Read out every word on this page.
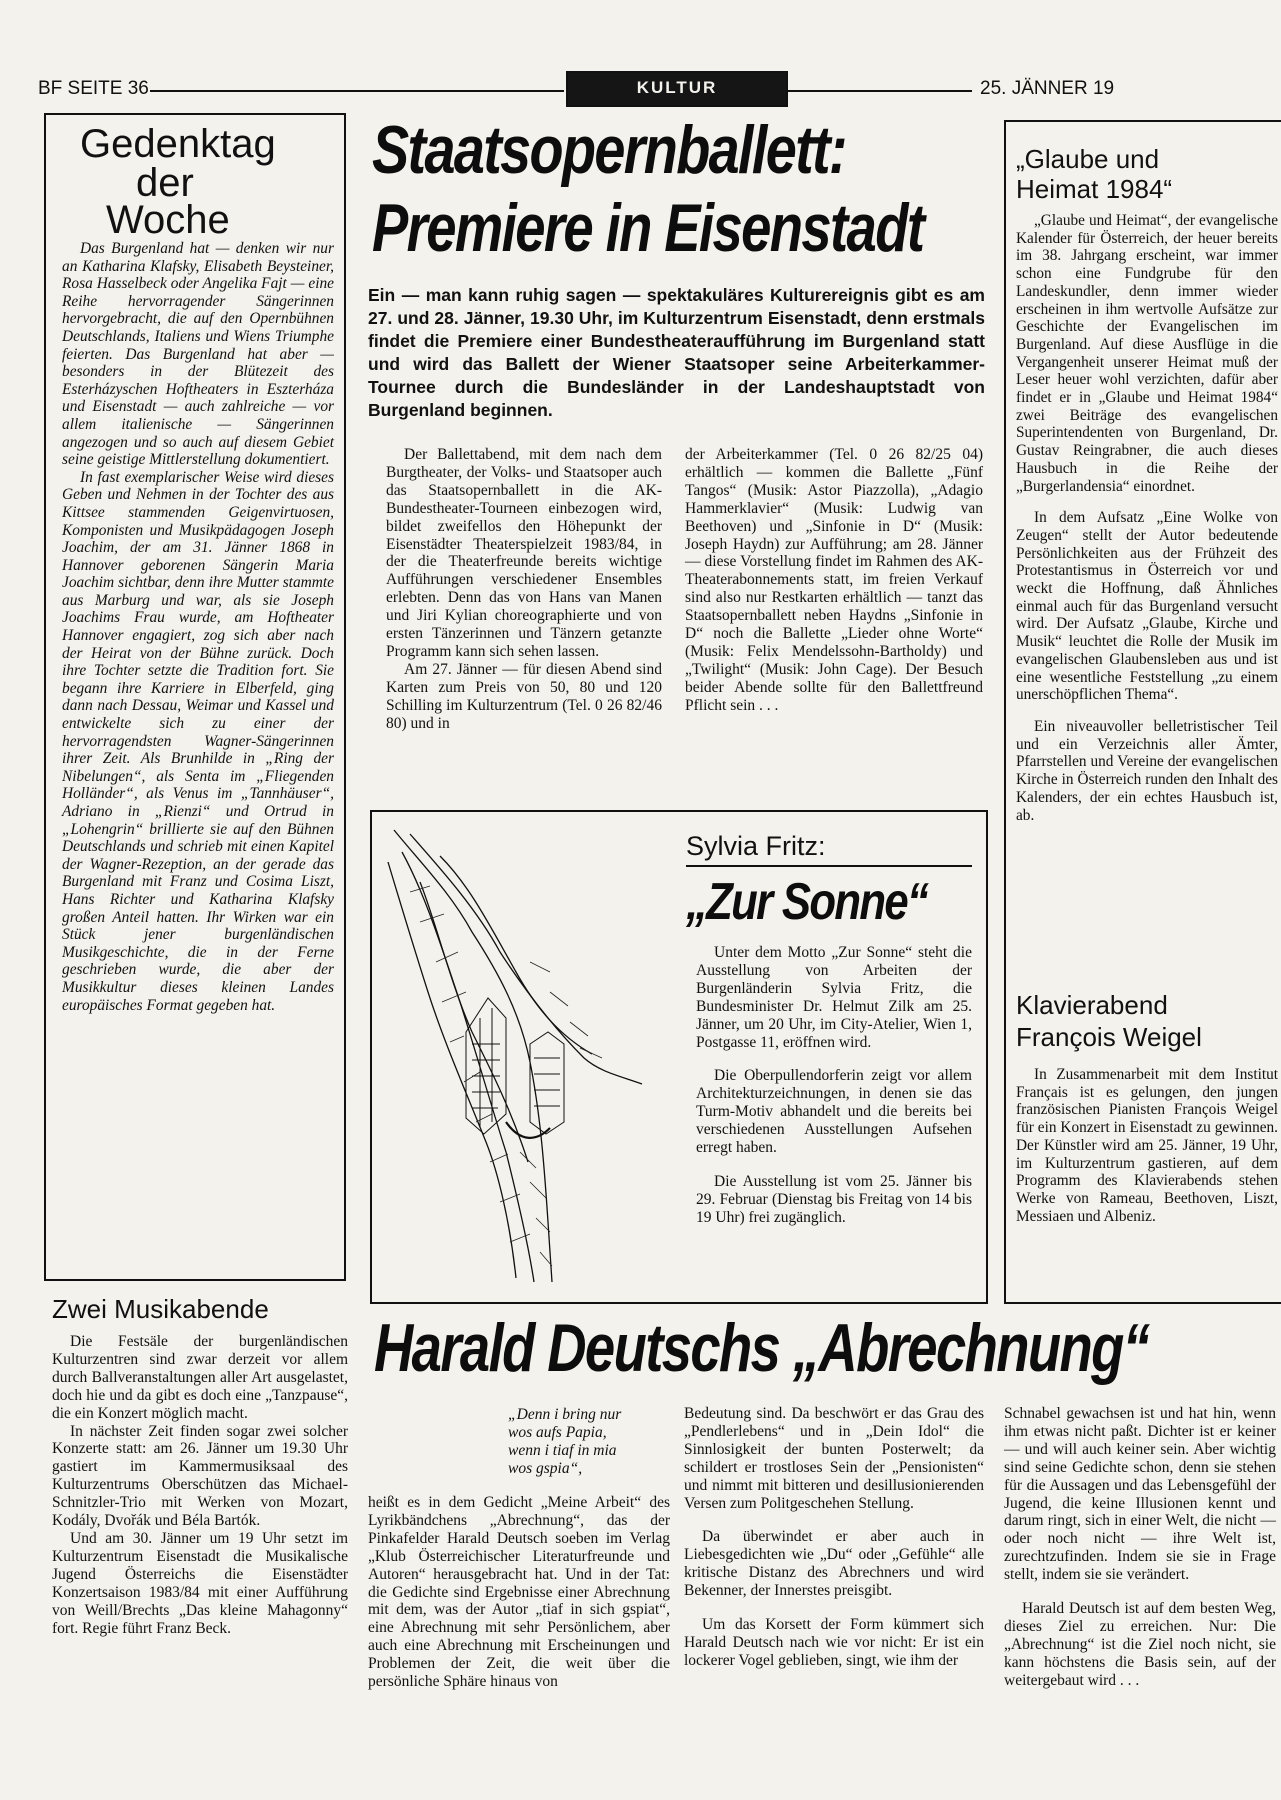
BF SEITE 36	KULTUR	25. JÄNNER 19
Gedenktag
der
Woche

Das Burgenland hat — denken wir nur an Katharina Klafsky, Elisabeth Beysteiner, Rosa Hasselbeck oder Angelika Fajt — eine Reihe hervorragender Sängerinnen hervorgebracht, die auf den Opernbühnen Deutschlands, Italiens und Wiens Triumphe feierten. Das Burgenland hat aber — besonders in der Blütezeit des Esterházyschen Hoftheaters in Eszterháza und Eisenstadt — auch zahlreiche — vor allem italienische — Sängerinnen angezogen und so auch auf diesem Gebiet seine geistige Mittlerstellung dokumentiert.

In fast exemplarischer Weise wird dieses Geben und Nehmen in der Tochter des aus Kittsee stammenden Geigenvirtuosen, Komponisten und Musikpädagogen Joseph Joachim, der am 31. Jänner 1868 in Hannover geborenen Sängerin Maria Joachim sichtbar, denn ihre Mutter stammte aus Marburg und war, als sie Joseph Joachims Frau wurde, am Hoftheater Hannover engagiert, zog sich aber nach der Heirat von der Bühne zurück. Doch ihre Tochter setzte die Tradition fort. Sie begann ihre Karriere in Elberfeld, ging dann nach Dessau, Weimar und Kassel und entwickelte sich zu einer der hervorragendsten Wagner-Sängerinnen ihrer Zeit. Als Brunhilde in „Ring der Nibelungen“, als Senta im „Fliegenden Holländer“, als Venus im „Tannhäuser“, Adriano in „Rienzi“ und Ortrud in „Lohengrin“ brillierte sie auf den Bühnen Deutschlands und schrieb mit einen Kapitel der Wagner-Rezeption, an der gerade das Burgenland mit Franz und Cosima Liszt, Hans Richter und Katharina Klafsky großen Anteil hatten. Ihr Wirken war ein Stück jener burgenländischen Musikgeschichte, die in der Ferne geschrieben wurde, die aber der Musikkultur dieses kleinen Landes europäisches Format gegeben hat.

Staatsopernballett:
Premiere in Eisenstadt
Ein — man kann ruhig sagen — spektakuläres Kulturereignis gibt es am 27. und 28. Jänner, 19.30 Uhr, im Kulturzentrum Eisenstadt, denn erstmals findet die Premiere einer Bundestheateraufführung im Burgenland statt und wird das Ballett der Wiener Staatsoper seine Arbeiterkammer-Tournee durch die Bundesländer in der Landeshauptstadt von Burgenland beginnen.

Der Ballettabend, mit dem nach dem Burgtheater, der Volks- und Staatsoper auch das Staatsopernballett in die AK-Bundestheater-Tourneen einbezogen wird, bildet zweifellos den Höhepunkt der Eisenstädter Theaterspielzeit 1983/84, in der die Theaterfreunde bereits wichtige Aufführungen verschiedener Ensembles erlebten. Denn das von Hans van Manen und Jiri Kylian choreographierte und von ersten Tänzerinnen und Tänzern getanzte Programm kann sich sehen lassen.

Am 27. Jänner — für diesen Abend sind Karten zum Preis von 50, 80 und 120 Schilling im Kulturzentrum (Tel. 0 26 82/46 80) und in

der Arbeiterkammer (Tel. 0 26 82/25 04) erhältlich — kommen die Ballette „Fünf Tangos“ (Musik: Astor Piazzolla), „Adagio Hammerklavier“ (Musik: Ludwig van Beethoven) und „Sinfonie in D“ (Musik: Joseph Haydn) zur Aufführung; am 28. Jänner — diese Vorstellung findet im Rahmen des AK-Theaterabonnements statt, im freien Verkauf sind also nur Restkarten erhältlich — tanzt das Staatsopernballett neben Haydns „Sinfonie in D“ noch die Ballette „Lieder ohne Worte“ (Musik: Felix Mendelssohn-Bartholdy) und „Twilight“ (Musik: John Cage). Der Besuch beider Abende sollte für den Ballettfreund Pflicht sein . . .

Sylvia Fritz:
„Zur Sonne“

Unter dem Motto „Zur Sonne“ steht die Ausstellung von Arbeiten der Burgenländerin Sylvia Fritz, die Bundesminister Dr. Helmut Zilk am 25. Jänner, um 20 Uhr, im City-Atelier, Wien 1, Postgasse 11, eröffnen wird.

Die Oberpullendorferin zeigt vor allem Architekturzeichnungen, in denen sie das Turm-Motiv abhandelt und die bereits bei verschiedenen Ausstellungen Aufsehen erregt haben.

Die Ausstellung ist vom 25. Jänner bis 29. Februar (Dienstag bis Freitag von 14 bis 19 Uhr) frei zugänglich.

„Glaube und
Heimat 1984“

„Glaube und Heimat“, der evangelische Kalender für Österreich, der heuer bereits im 38. Jahrgang erscheint, war immer schon eine Fundgrube für den Landeskundler, denn immer wieder erscheinen in ihm wertvolle Aufsätze zur Geschichte der Evangelischen im Burgenland. Auf diese Ausflüge in die Vergangenheit unserer Heimat muß der Leser heuer wohl verzichten, dafür aber findet er in „Glaube und Heimat 1984“ zwei Beiträge des evangelischen Superintendenten von Burgenland, Dr. Gustav Reingrabner, die auch dieses Hausbuch in die Reihe der „Burgerlandensia“ einordnet.

In dem Aufsatz „Eine Wolke von Zeugen“ stellt der Autor bedeutende Persönlichkeiten aus der Frühzeit des Protestantismus in Österreich vor und weckt die Hoffnung, daß Ähnliches einmal auch für das Burgenland versucht wird. Der Aufsatz „Glaube, Kirche und Musik“ leuchtet die Rolle der Musik im evangelischen Glaubensleben aus und ist eine wesentliche Feststellung „zu einem unerschöpflichen Thema“.

Ein niveauvoller belletristischer Teil und ein Verzeichnis aller Ämter, Pfarrstellen und Vereine der evangelischen Kirche in Österreich runden den Inhalt des Kalenders, der ein echtes Hausbuch ist, ab.

Klavierabend
François Weigel

In Zusammenarbeit mit dem Institut Français ist es gelungen, den jungen französischen Pianisten François Weigel für ein Konzert in Eisenstadt zu gewinnen. Der Künstler wird am 25. Jänner, 19 Uhr, im Kulturzentrum gastieren, auf dem Programm des Klavierabends stehen Werke von Rameau, Beethoven, Liszt, Messiaen und Albeniz.

Zwei Musikabende

Die Festsäle der burgenländischen Kulturzentren sind zwar derzeit vor allem durch Ballveranstaltungen aller Art ausgelastet, doch hie und da gibt es doch eine „Tanzpause“, die ein Konzert möglich macht.

In nächster Zeit finden sogar zwei solcher Konzerte statt: am 26. Jänner um 19.30 Uhr gastiert im Kammermusiksaal des Kulturzentrums Oberschützen das Michael-Schnitzler-Trio mit Werken von Mozart, Kodály, Dvořák und Béla Bartók.

Und am 30. Jänner um 19 Uhr setzt im Kulturzentrum Eisenstadt die Musikalische Jugend Österreichs die Eisenstädter Konzertsaison 1983/84 mit einer Aufführung von Weill/Brechts „Das kleine Mahagonny“ fort. Regie führt Franz Beck.

Harald Deutschs „Abrechnung“
„Denn i bring nur
wos aufs Papia,
wenn i tiaf in mia
wos gspia“,

heißt es in dem Gedicht „Meine Arbeit“ des Lyrikbändchens „Abrechnung“, das der Pinkafelder Harald Deutsch soeben im Verlag „Klub Österreichischer Literaturfreunde und Autoren“ herausgebracht hat. Und in der Tat: die Gedichte sind Ergebnisse einer Abrechnung mit dem, was der Autor „tiaf in sich gspiat“, eine Abrechnung mit sehr Persönlichem, aber auch eine Abrechnung mit Erscheinungen und Problemen der Zeit, die weit über die persönliche Sphäre hinaus von

Bedeutung sind. Da beschwört er das Grau des „Pendlerlebens“ und in „Dein Idol“ die Sinnlosigkeit der bunten Posterwelt; da schildert er trostloses Sein der „Pensionisten“ und nimmt mit bitteren und desillusionierenden Versen zum Politgeschehen Stellung.

Da überwindet er aber auch in Liebesgedichten wie „Du“ oder „Gefühle“ alle kritische Distanz des Abrechners und wird Bekenner, der Innerstes preisgibt.

Um das Korsett der Form kümmert sich Harald Deutsch nach wie vor nicht: Er ist ein lockerer Vogel geblieben, singt, wie ihm der

Schnabel gewachsen ist und hat hin, wenn ihm etwas nicht paßt. Dichter ist er keiner — und will auch keiner sein. Aber wichtig sind seine Gedichte schon, denn sie stehen für die Aussagen und das Lebensgefühl der Jugend, die keine Illusionen kennt und darum ringt, sich in einer Welt, die nicht — oder noch nicht — ihre Welt ist, zurechtzufinden. Indem sie sie in Frage stellt, indem sie sie verändert.

Harald Deutsch ist auf dem besten Weg, dieses Ziel zu erreichen. Nur: Die „Abrechnung“ ist die Ziel noch nicht, sie kann höchstens die Basis sein, auf der weitergebaut wird . . .
